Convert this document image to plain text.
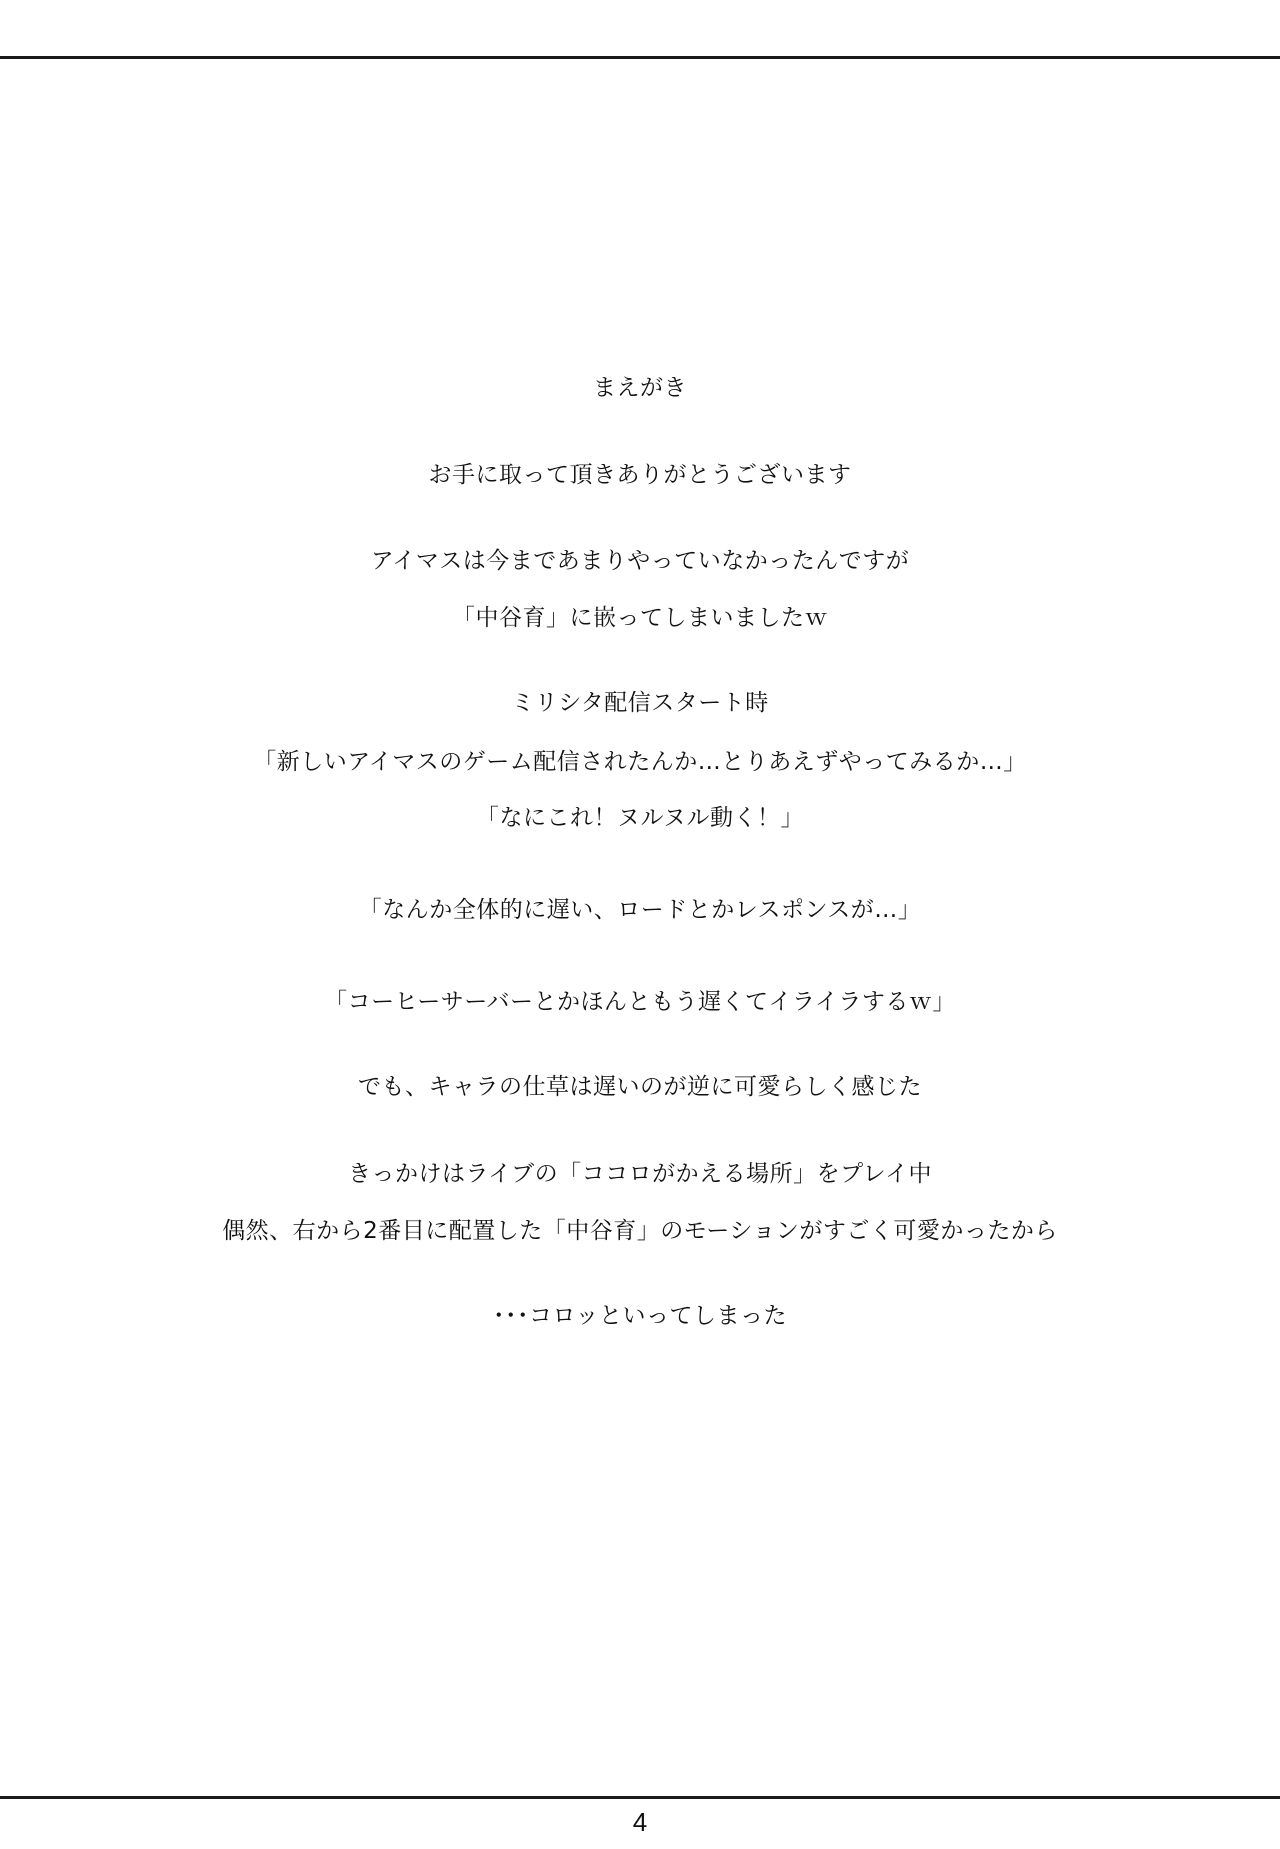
まえがき
お手に取って頂きありがとうございます
アイマスは今まであまりやっていなかったんですが
「中谷育」に嵌ってしまいましたｗ
ミリシタ配信スタート時
「新しいアイマスのゲーム配信されたんか…とりあえずやってみるか…」
「なにこれ！ヌルヌル動く！」
「なんか全体的に遅い、ロードとかレスポンスが…」
「コーヒーサーバーとかほんともう遅くてイライラするｗ」
でも、キャラの仕草は遅いのが逆に可愛らしく感じた
きっかけはライブの「ココロがかえる場所」をプレイ中
偶然、右から2番目に配置した「中谷育」のモーションがすごく可愛かったから
･･･コロッといってしまった
4
